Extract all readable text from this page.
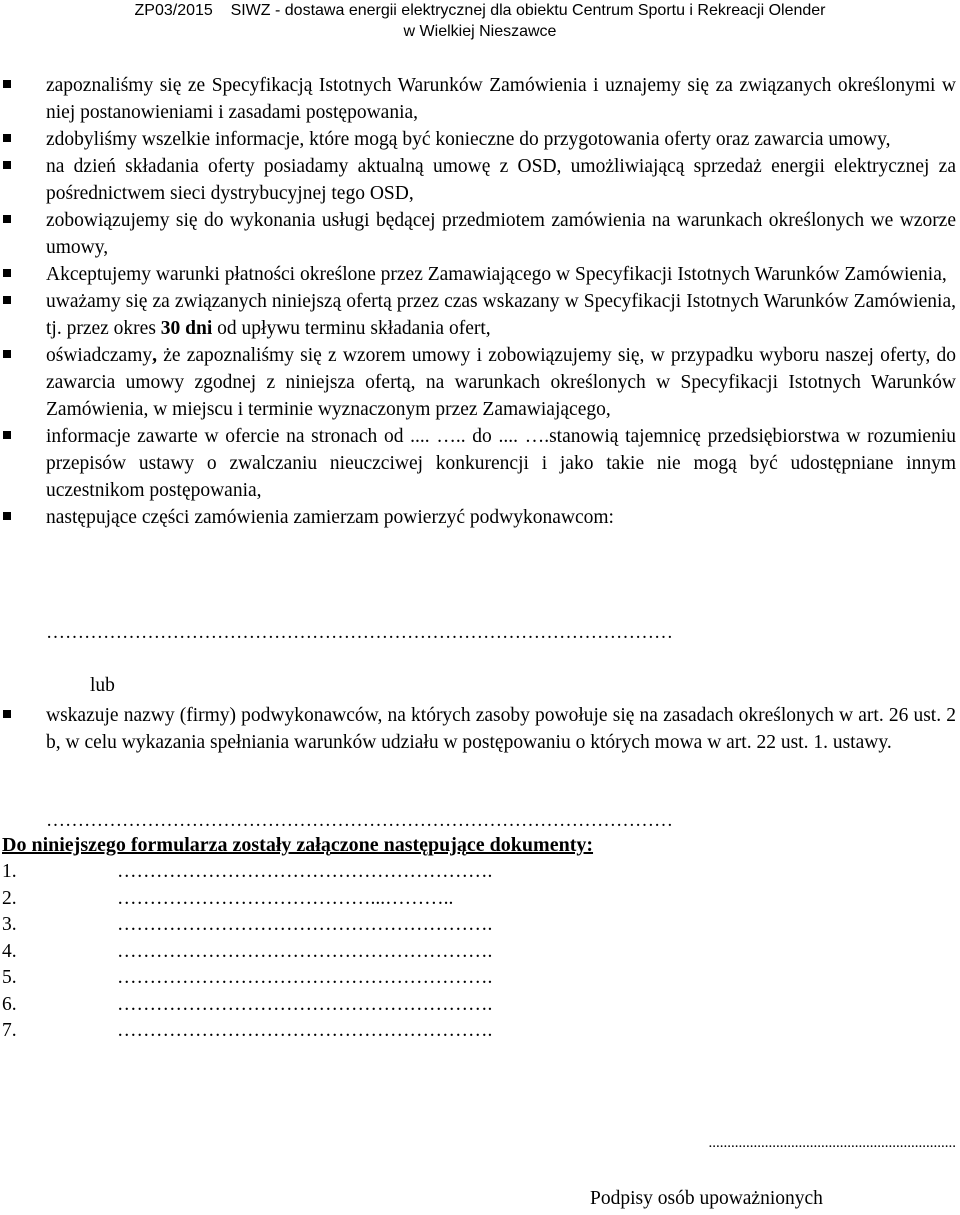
ZP03/2015    SIWZ - dostawa energii elektrycznej dla obiektu Centrum Sportu i Rekreacji Olender
w Wielkiej Nieszawce
zapoznaliśmy się ze Specyfikacją Istotnych Warunków Zamówienia i uznajemy się za związanych określonymi w niej postanowieniami i zasadami postępowania,
zdobyliśmy wszelkie informacje, które mogą być konieczne do przygotowania oferty oraz zawarcia umowy,
na dzień składania oferty posiadamy aktualną umowę z OSD, umożliwiającą sprzedaż energii elektrycznej za pośrednictwem sieci dystrybucyjnej tego OSD,
zobowiązujemy się do wykonania usługi będącej przedmiotem zamówienia na warunkach określonych we wzorze umowy,
Akceptujemy warunki płatności określone przez Zamawiającego w Specyfikacji Istotnych Warunków Zamówienia,
uważamy się za związanych niniejszą ofertą przez czas wskazany w Specyfikacji Istotnych Warunków Zamówienia, tj. przez okres 30 dni od upływu terminu składania ofert,
oświadczamy, że zapoznaliśmy się z wzorem umowy i zobowiązujemy się, w przypadku wyboru naszej oferty, do zawarcia umowy zgodnej z niniejsza ofertą, na warunkach określonych w Specyfikacji Istotnych Warunków Zamówienia, w miejscu i terminie wyznaczonym przez Zamawiającego,
informacje zawarte w ofercie na stronach od .... ….. do .... ….stanowią tajemnicę przedsiębiorstwa w rozumieniu przepisów ustawy o zwalczaniu nieuczciwej konkurencji i jako takie nie mogą być udostępniane innym uczestnikom postępowania,
następujące części zamówienia zamierzam powierzyć podwykonawcom:
………………………………………………………………………………………
lub
wskazuje nazwy (firmy) podwykonawców, na których zasoby powołuje się na zasadach określonych w art. 26 ust. 2 b, w celu wykazania spełniania warunków udziału w postępowaniu o których mowa w art. 22 ust. 1. ustawy.
………………………………………………………………………………………
Do niniejszego formularza zostały załączone następujące dokumenty:
1.	………………………………………………….
2.	…………………………………...………..
3.	………………………………………………….
4.	………………………………………………….
5.	………………………………………………….
6.	………………………………………………….
7.	………………………………………………….
..................................................................
Podpisy osób upoważnionych
